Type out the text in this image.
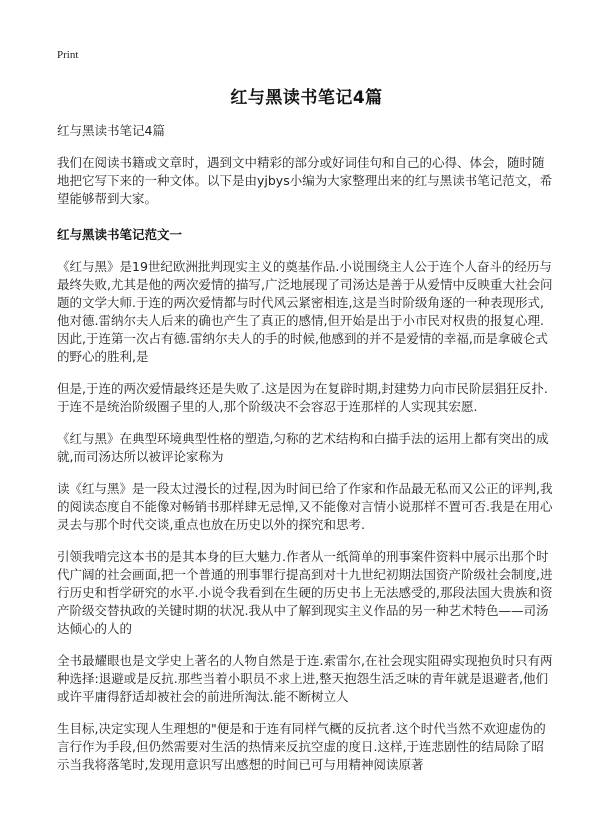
Print
红与黑读书笔记4篇
红与黑读书笔记4篇
我们在阅读书籍或文章时，遇到文中精彩的部分或好词佳句和自己的心得、体会，随时随地把它写下来的一种文体。以下是由yjbys小编为大家整理出来的红与黑读书笔记范文，希望能够帮到大家。
红与黑读书笔记范文一
《红与黑》是19世纪欧洲批判现实主义的奠基作品.小说围绕主人公于连个人奋斗的经历与最终失败,尤其是他的两次爱情的描写,广泛地展现了司汤达是善于从爱情中反映重大社会问题的文学大师.于连的两次爱情都与时代风云紧密相连,这是当时阶级角逐的一种表现形式,他对德.雷纳尔夫人后来的确也产生了真正的感情,但开始是出于小市民对权贵的报复心理.因此,于连第一次占有德.雷纳尔夫人的手的时候,他感到的并不是爱情的幸福,而是拿破仑式的野心的胜利,是
但是,于连的两次爱情最终还是失败了.这是因为在复辟时期,封建势力向市民阶层猖狂反扑.于连不是统治阶级圈子里的人,那个阶级决不会容忍于连那样的人实现其宏愿.
《红与黑》在典型环境典型性格的塑造,匀称的艺术结构和白描手法的运用上都有突出的成就,而司汤达所以被评论家称为
读《红与黑》是一段太过漫长的过程,因为时间已给了作家和作品最无私而又公正的评判,我的阅读态度自不能像对畅销书那样肆无忌惮,又不能像对言情小说那样不置可否.我是在用心灵去与那个时代交谈,重点也放在历史以外的探究和思考.
引领我啃完这本书的是其本身的巨大魅力.作者从一纸简单的刑事案件资料中展示出那个时代广阔的社会画面,把一个普通的刑事罪行提高到对十九世纪初期法国资产阶级社会制度,进行历史和哲学研究的水平.小说令我看到在生硬的历史书上无法感受的,那段法国大贵族和资产阶级交替执政的关键时期的状况.我从中了解到现实主义作品的另一种艺术特色——司汤达倾心的人的
全书最耀眼也是文学史上著名的人物自然是于连.索雷尔,在社会现实阻碍实现抱负时只有两种选择:退避或是反抗.那些当着小职员不求上进,整天抱怨生活乏味的青年就是退避者,他们或许平庸得舒适却被社会的前进所淘汰.能不断树立人
生目标,决定实现人生理想的"便是和于连有同样气概的反抗者.这个时代当然不欢迎虚伪的言行作为手段,但仍然需要对生活的热情来反抗空虚的度日.这样,于连悲剧性的结局除了昭示当我将落笔时,发现用意识写出感想的时间已可与用精神阅读原著
